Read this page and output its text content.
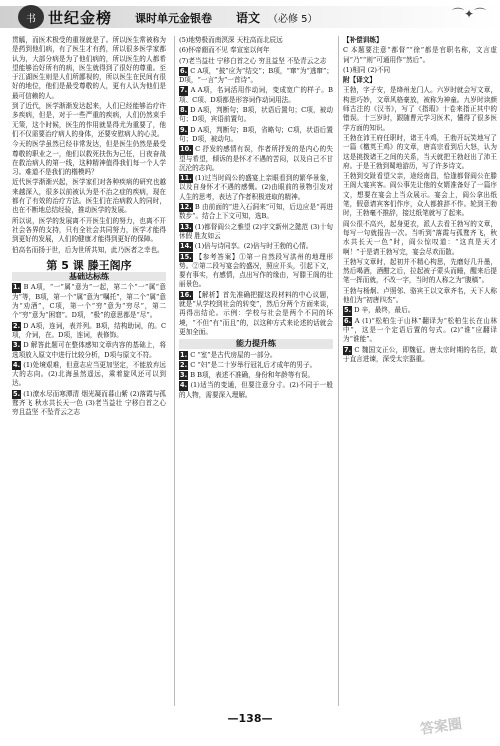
书 世纪金榜 课时单元金银卷 语文 （必修 5）	⌒✦⌒

贯觚，而医术极受的重视就是了。所以医生常被称为是药到他们病，有了医生才有药，所以很多医学家都认为，大部分病是为了他们病的，所以医生的人都希望能够治好所有的病，医生就得到了很好的尊重。至于江湖医生则是人们所鄙视的，所以医生在民间有很好的地位，他们是最受尊敬的人，更有人认为他们是最可信赖的人。

到了近代，医学渐渐发达起来，人们已经能够治疗许多疾病，但是，对于一些严重的疾病，人们仍然束手无策，这个时候，医生的作用就显得尤为重要了，他们不仅需要治疗病人的身体，还要安慰病人的心灵。

今天的医学虽然已经非常发达，但是医生仍然是最受尊敬的职业之一，他们以救死扶伤为己任，日夜奋战在救治病人的第一线，这种精神值得我们每一个人学习。难道不是我们的楷模吗？

近代医学渐渐兴起，医学家们对各种疾病的研究也越来越深入，很多以前被认为是不治之症的疾病，现在都有了有效的治疗方法。医生们在治病救人的同时，也在不断地总结经验，推动医学的发展。

所以说，医学的发展离不开医生们的努力，也离不开社会各界的支持，只有全社会共同努力，医学才能得到更好的发展，人们的健康才能得到更好的保障。

伯高名而扬于世，后为世所共知，此乃医者之幸也。

第 5 课 滕王阁序
基础达标练

1. B A项，“一”属“意为”一起，第二个“一”属“意为”等，B项，第一个“属”意为“嘱托”，第二个“属”意为“劝酒”，C项，第一个“穷”意为“穷尽”，第二个“穷”意为“困窘”。D项，“极”的意思都是“尽”。

2. D A项，连词，表并列。B项，结构助词，的。C项，介词，在。D项，连词，表修饰。

3. D 解答此题可在整体感知文章内容的基础上，将选项放入原文中进行比较分析，D项与原文不符。

4. (1)处境艰难，但意志应当更加坚定，不能放弃远大的志向。(2)北海虽然遥远，乘着旋风还可以到达。

5. (1)潦水尽而寒潭清 烟光凝而暮山紫 (2)落霞与孤鹜齐飞 秋水共长天一色 (3)老当益壮 宁移白首之心 穷且益坚 不坠青云之志

(5)地势极而南溟深 天柱高而北辰远

(6)怀帝阍而不见 奉宣室以何年

(7)老当益壮 宁移白首之心 穷且益坚 不坠青云之志

6. C A项，“披”应为“结交”；B项，“窜”为“逃窜”；D项，“一言”为“一首诗”。

7. A A项，名词活用作动词，变成宽广的样子。B项、C项、D项都是形容词作动词用法。

8. D A项，判断句；B项，状语后置句；C项，被动句；D项，宾语前置句。

9. D A项，判断句；B项，省略句；C项，状语后置句；D项，被动句。

10. C 抒发的感情有误，作者所抒发的是内心的失望与希望，倾诉的是怀才不遇的苦闷，以及自己不甘沉沦的志向。

11. (1)过当时阎公的盛宴上亲眼看到的繁华景象，以及自身怀才不遇的感慨。(2)由眼前的景物引发对人生的思考，表达了作者积极进取的精神。

12. B 由前面的“进入石洞来”可知，后边应是“再进数步”。结合上下文可知，选B。

13. (1)都督阎公之雅望 (2)宇文新州之懿范 (3)十旬休假 胜友如云

14. (1)倍与诗同享。(2)倍与时王勃的心情。

15. 【参考答案】①第一自然段写洪州的地理形势。②第二段写宴会的盛况，照应开头，引起下文，要有事实，有感情，点出写作的缘由，写滕王阁的壮丽景色。

16. 【解析】首先准确把握这段材料的中心议题，就是“从学校到社会的转变”，然后分两个方面来谈，再得出结论。示例：学校与社会是两个不同的环境，“不但”有“而且”的，以这种方式来论述的话就会更加全面。

能力提升练

1. C “室”是古代房屋的一部分。

2. C “妇”是二十岁举行冠礼后才成年的男子。

3. B B项，表述不准确，身份和年龄等有误。

4. (1)适当的变通，但要注意分寸。(2)不同于一般的人物，需要深入理解。

【补偿训练】

C 本题要注意“都督”“徐”都是官职名称，文言虚词“乃”“则”可通用作“然后”。

(1)相同 (2)不同

附【译文】

王勃，字子安，是绛州龙门人。六岁时就会写文章，构思巧妙，文章风格豪放，被称为神童。九岁时读颜师古注的《汉书》，写了《指瑕》十卷来指正其中的错误。十三岁时，跟随曹元学习医术，懂得了很多医学方面的知识。

王勃在沛王府任职时，诸王斗鸡，王勃开玩笑地写了一篇《檄英王鸡》的文章，唐高宗看到后大怒，认为这是挑拨诸王之间的关系，当天就把王勃赶出了沛王府。于是王勃到蜀地游历，写了许多诗文。

王勃到交趾看望父亲，途经南昌，恰逢都督阎公在滕王阁大宴宾客。阎公事先让他的女婿准备好了一篇序文，想要在宴会上当众展示。宴会上，阎公拿出纸笔，假意请宾客们作序，众人都推辞不作。轮到王勃时，王勃毫不推辞，接过纸笔就写了起来。

阎公很不高兴，起身更衣，派人去看王勃写的文章，每写一句就报告一次。当听到“落霞与孤鹜齐飞，秋水共长天一色”时，阎公惊叹道：“这真是天才啊！”于是请王勃写完，宴会尽欢而散。

王勃写文章时，起初并不精心构思，先磨好几升墨，然后喝酒，酒酣之后，拉起被子蒙头而睡，醒来后提笔一挥而就，不改一字，当时的人称之为“腹稿”。

王勃与杨炯、卢照邻、骆宾王以文章齐名，天下人称他们为“初唐四杰”。

5. D 辛，最终，最后。

6. A (1)“松柏生于山林”翻译为“松柏生长在山林中”，这是一个定语后置的句式。(2)“谁”应翻译为“谁能”。

7. C 魏国文正公，即魏征。唐太宗时期的名臣，敢于直言进谏，深受太宗器重。

—138—	答案圈
